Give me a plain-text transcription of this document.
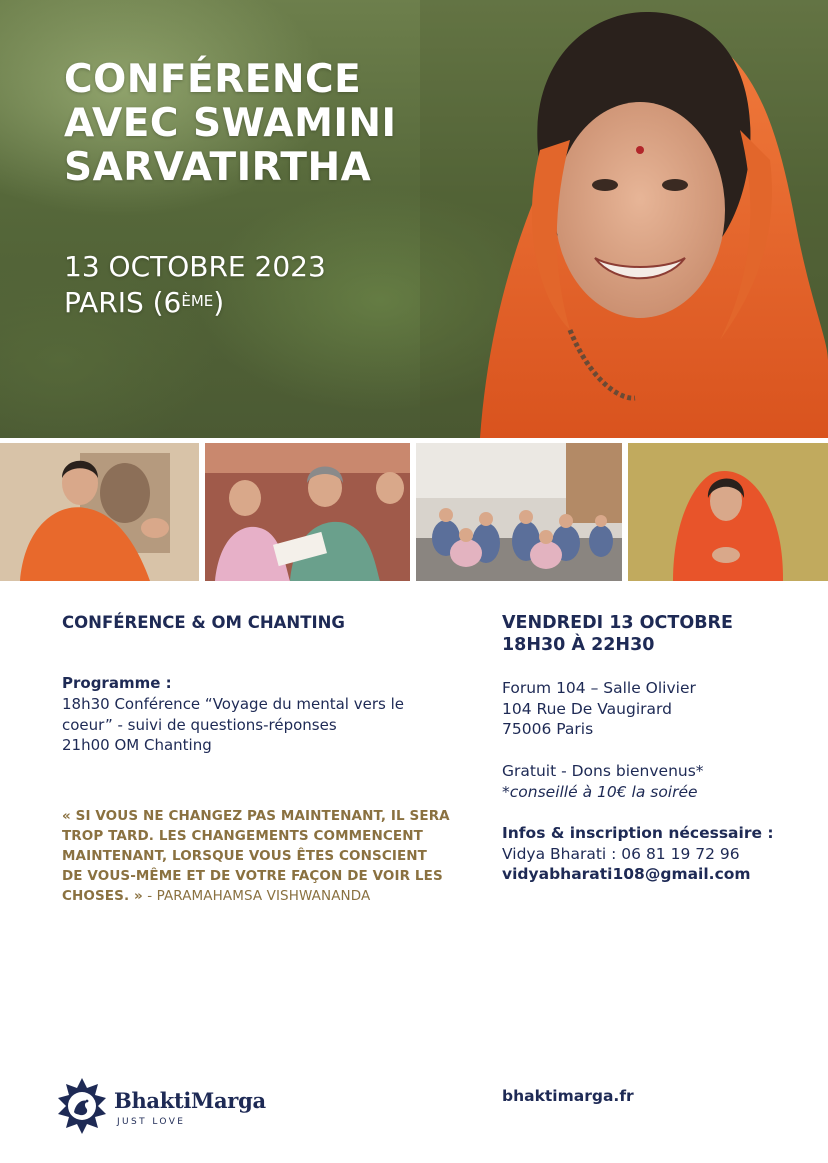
CONFÉRENCE
AVEC SWAMINI
SARVATIRTHA
13 OCTOBRE 2023
PARIS (6ÈME)
CONFÉRENCE & OM CHANTING
Programme :
18h30 Conférence “Voyage du mental vers le
coeur” - suivi de questions-réponses
21h00 OM Chanting

« SI VOUS NE CHANGEZ PAS MAINTENANT, IL SERA TROP TARD. LES CHANGEMENTS COMMENCENT MAINTENANT, LORSQUE VOUS ÊTES CONSCIENT DE VOUS-MÊME ET DE VOTRE FAÇON DE VOIR LES CHOSES. » - PARAMAHAMSA VISHWANANDA

VENDREDI 13 OCTOBRE
18H30 À 22H30
Forum 104 – Salle Olivier
104 Rue De Vaugirard
75006 Paris
Gratuit - Dons bienvenus*
*conseillé à 10€ la soirée
Infos & inscription nécessaire :
Vidya Bharati : 06 81 19 72 96
vidyabharati108@gmail.com
BhaktiMarga
JUST LOVE
bhaktimarga.fr
